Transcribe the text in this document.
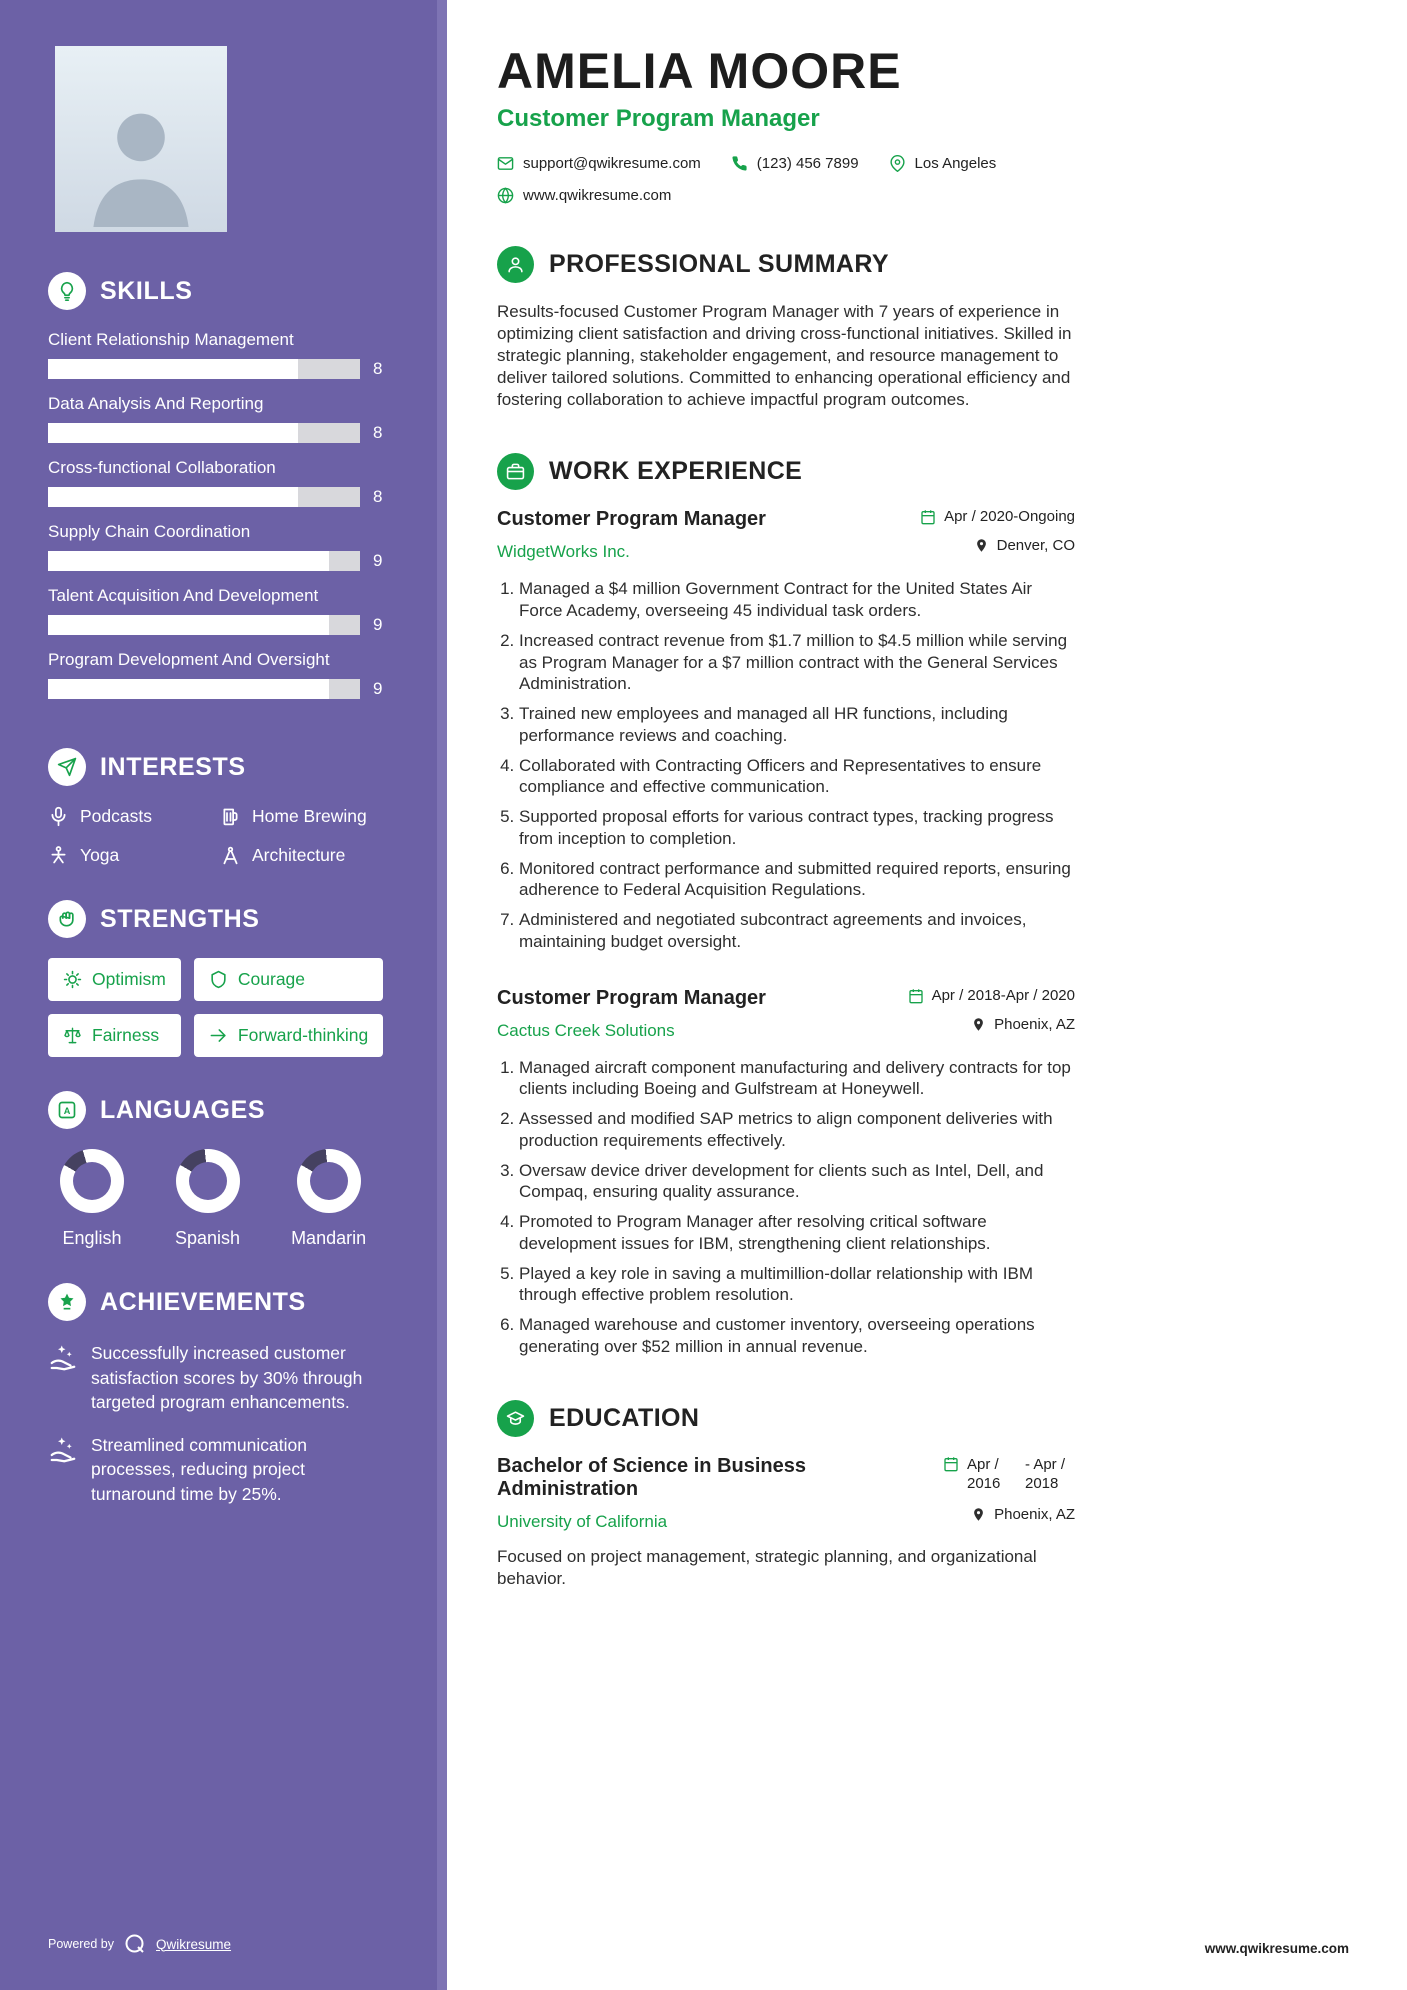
SKILLS
Client Relationship Management
8
Data Analysis And Reporting
8
Cross-functional Collaboration
8
Supply Chain Coordination
9
Talent Acquisition And Development
9
Program Development And Oversight
9
INTERESTS
Podcasts	Home Brewing
Yoga	Architecture
STRENGTHS
Optimism	Courage
Fairness	Forward-thinking
A LANGUAGES
English	Spanish	Mandarin
ACHIEVEMENTS

Successfully increased customer satisfaction scores by 30% through targeted program enhancements.

Streamlined communication processes, reducing project turnaround time by 25%.

Powered by	Qwikresume
AMELIA MOORE
Customer Program Manager
support@qwikresume.com	(123) 456 7899	Los Angeles
www.qwikresume.com
PROFESSIONAL SUMMARY

Results-focused Customer Program Manager with 7 years of experience in optimizing client satisfaction and driving cross-functional initiatives. Skilled in strategic planning, stakeholder engagement, and resource management to deliver tailored solutions. Committed to enhancing operational efficiency and fostering collaboration to achieve impactful program outcomes.

WORK EXPERIENCE
Customer Program Manager
WidgetWorks Inc.
Apr / 2020-Ongoing
Denver, CO
1. Managed a $4 million Government Contract for the United States Air Force Academy, overseeing 45 individual task orders.
2. Increased contract revenue from $1.7 million to $4.5 million while serving as Program Manager for a $7 million contract with the General Services Administration.
3. Trained new employees and managed all HR functions, including performance reviews and coaching.
4. Collaborated with Contracting Officers and Representatives to ensure compliance and effective communication.
5. Supported proposal efforts for various contract types, tracking progress from inception to completion.
6. Monitored contract performance and submitted required reports, ensuring adherence to Federal Acquisition Regulations.
7. Administered and negotiated subcontract agreements and invoices, maintaining budget oversight.
Customer Program Manager
Cactus Creek Solutions
Apr / 2018-Apr / 2020
Phoenix, AZ
1. Managed aircraft component manufacturing and delivery contracts for top clients including Boeing and Gulfstream at Honeywell.
2. Assessed and modified SAP metrics to align component deliveries with production requirements effectively.
3. Oversaw device driver development for clients such as Intel, Dell, and Compaq, ensuring quality assurance.
4. Promoted to Program Manager after resolving critical software development issues for IBM, strengthening client relationships.
5. Played a key role in saving a multimillion-dollar relationship with IBM through effective problem resolution.
6. Managed warehouse and customer inventory, overseeing operations generating over $52 million in annual revenue.
EDUCATION
Bachelor of Science in Business Administration
University of California
Apr / 2016
- Apr / 2018
Phoenix, AZ

Focused on project management, strategic planning, and organizational behavior.

www.qwikresume.com
